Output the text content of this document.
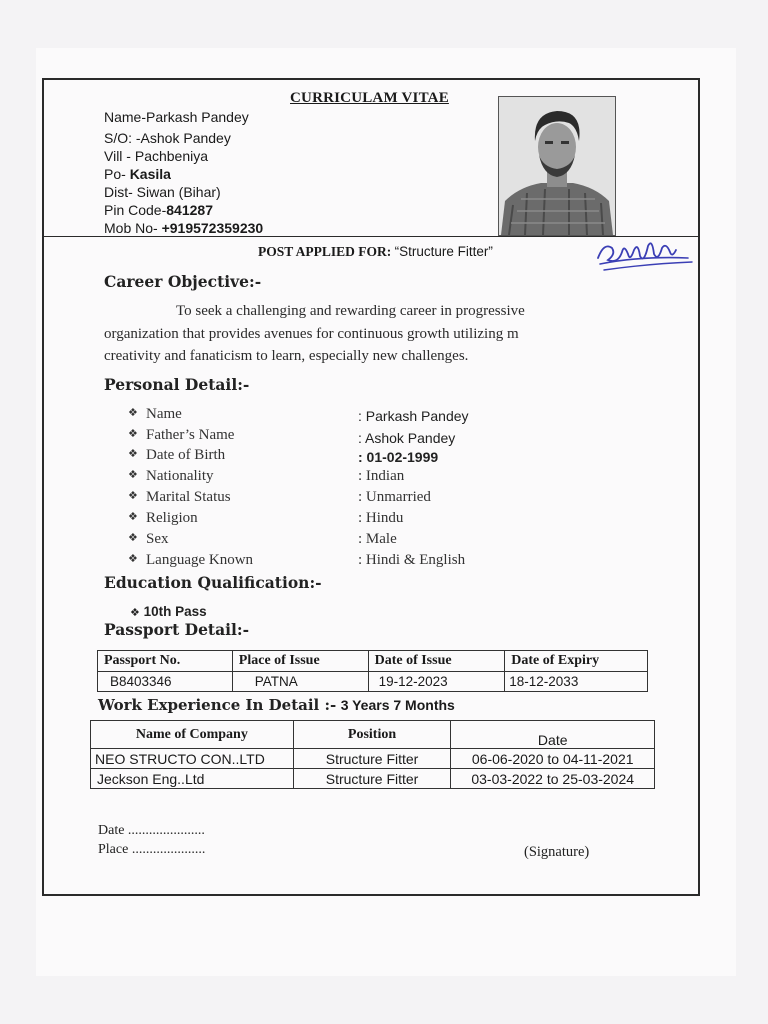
CURRICULAM VITAE
Name-Parkash Pandey
S/O: -Ashok Pandey
Vill - Pachbeniya
Po- Kasila
Dist- Siwan (Bihar)
Pin Code-841287
Mob No- +919572359230
POST APPLIED FOR: “Structure Fitter”
Career Objective:-
To seek a challenging and rewarding career in progressive
organization that provides avenues for continuous growth utilizing m
creativity and fanaticism to learn, especially new challenges.
Personal Detail:-
❖ Name	: Parkash Pandey
❖ Father’s Name	: Ashok Pandey
❖ Date of Birth	: 01-02-1999
❖ Nationality	: Indian
❖ Marital Status	: Unmarried
❖ Religion	: Hindu
❖ Sex	: Male
❖ Language Known	: Hindi & English
Education Qualification:-
❖ 10th Pass
Passport Detail:-
Passport No.	Place of Issue	Date of Issue	Date of Expiry
B8403346	PATNA	19-12-2023	18-12-2033
Work Experience In Detail :- 3 Years 7 Months
Name of Company	Position	Date
NEO STRUCTO CON..LTD	Structure Fitter	06-06-2020 to 04-11-2021
Jeckson Eng..Ltd	Structure Fitter	03-03-2022 to 25-03-2024
Date ......................
Place .....................	(Signature)
